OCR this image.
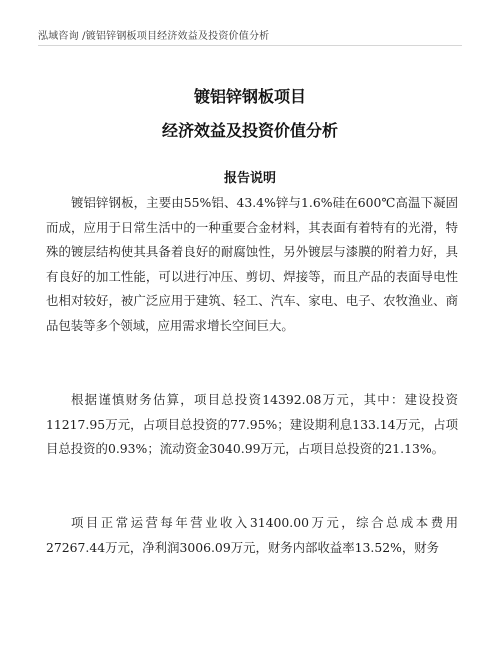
泓域咨询 /镀铝锌钢板项目经济效益及投资价值分析
镀铝锌钢板项目
经济效益及投资价值分析
报告说明

镀铝锌钢板，主要由55%铝、43.4%锌与1.6%硅在600℃高温下凝固而成，应用于日常生活中的一种重要合金材料，其表面有着特有的光滑，特殊的镀层结构使其具备着良好的耐腐蚀性，另外镀层与漆膜的附着力好，具有良好的加工性能，可以进行冲压、剪切、焊接等，而且产品的表面导电性也相对较好，被广泛应用于建筑、轻工、汽车、家电、电子、农牧渔业、商品包装等多个领域，应用需求增长空间巨大。

根据谨慎财务估算，项目总投资14392.08万元，其中：建设投资11217.95万元，占项目总投资的77.95%；建设期利息133.14万元，占项目总投资的0.93%；流动资金3040.99万元，占项目总投资的21.13%。

项目正常运营每年营业收入31400.00万元，综合总成本费用27267.44万元，净利润3006.09万元，财务内部收益率13.52%，财务
